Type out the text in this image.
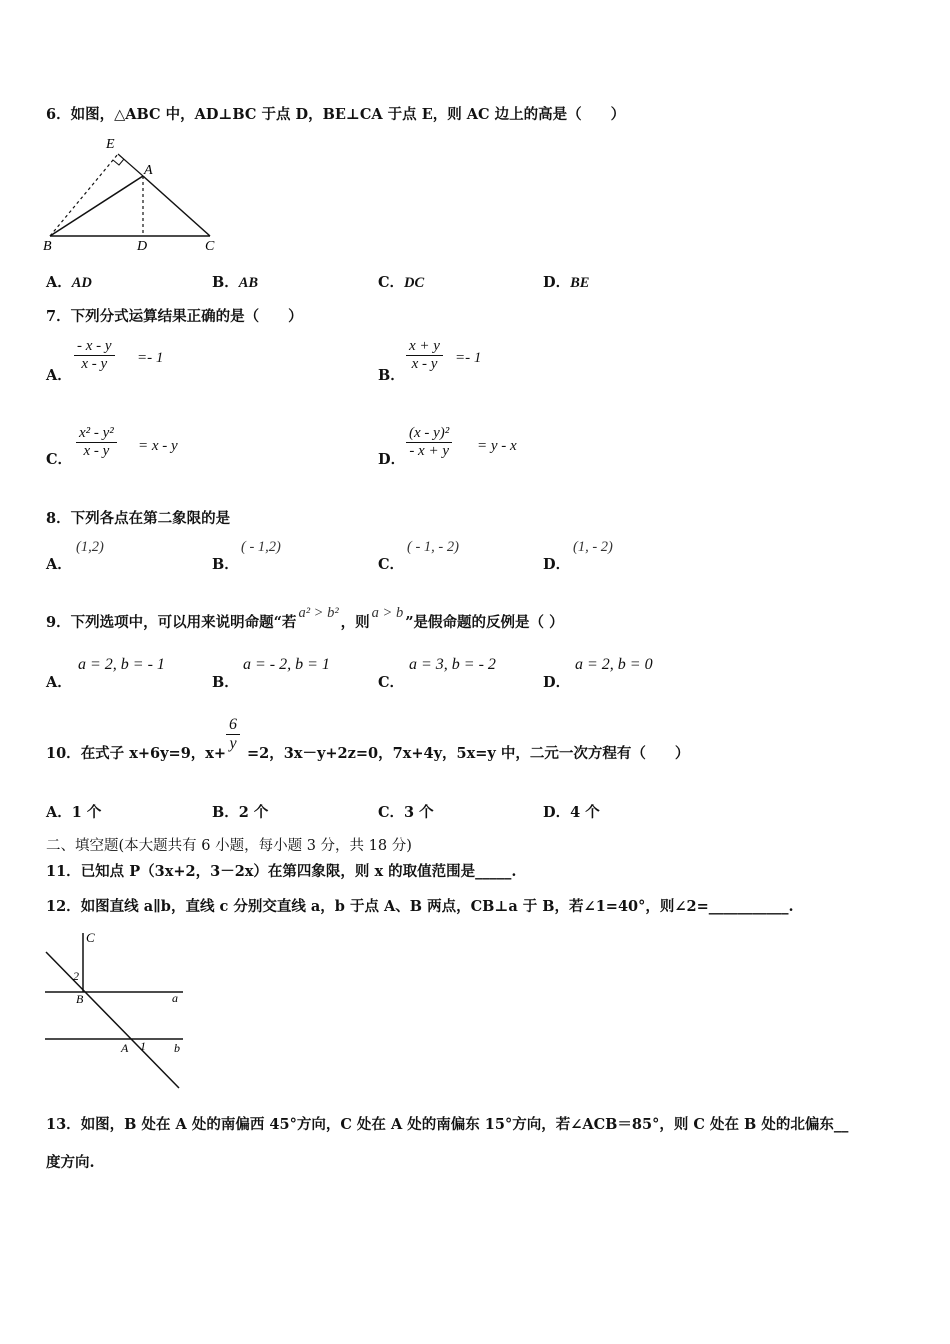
6．如图，△ABC 中，AD⊥BC 于点 D，BE⊥CA 于点 E，则 AC 边上的高是（　　）
E
A
B	D	C
A．AD	B．AB	C．DC	D．BE
7．下列分式运算结果正确的是（　　）
A．
$\frac{- x - y}{x - y} =- 1$
B．
$\frac{x + y}{x - y} =- 1$
C． $\frac{\text{x² - y²}}{x - y} = x - y$
D． $\frac{\text{(x - y)²}}{- x + y} = y - x$
8．下列各点在第二象限的是
A．
(1,2)
B．
( - 1,2)
C．
( - 1, - 2)
D．
(1, - 2)
9．下列选项中，可以用来说明命题“若a² > b²，则a > b”是假命题的反例是（ ）
A．
a = 2, b = - 1
B．
a = - 2, b = 1
C．
a = 3, b = - 2
D．
a = 2, b = 0
10．在式子 x+6y=9，x+
$\frac{6}{y}$
=2，3x－y+2z=0，7x+4y，5x=y 中，二元一次方程有（　　）
A．1 个	B．2 个	C．3 个	D．4 个
二、填空题(本大题共有 6 小题，每小题 3 分，共 18 分)
11．已知点 P（3x+2，3－2x）在第四象限，则 x 的取值范围是_____.
12．如图直线 a∥b，直线 c 分别交直线 a，b 于点 A、B 两点，CB⊥a 于 B，若∠1=40°，则∠2=___________.
C
2
B	a
A 1 b
13．如图，B 处在 A 处的南偏西 45°方向，C 处在 A 处的南偏东 15°方向，若∠ACB＝85°，则 C 处在 B 处的北偏东__
度方向.
